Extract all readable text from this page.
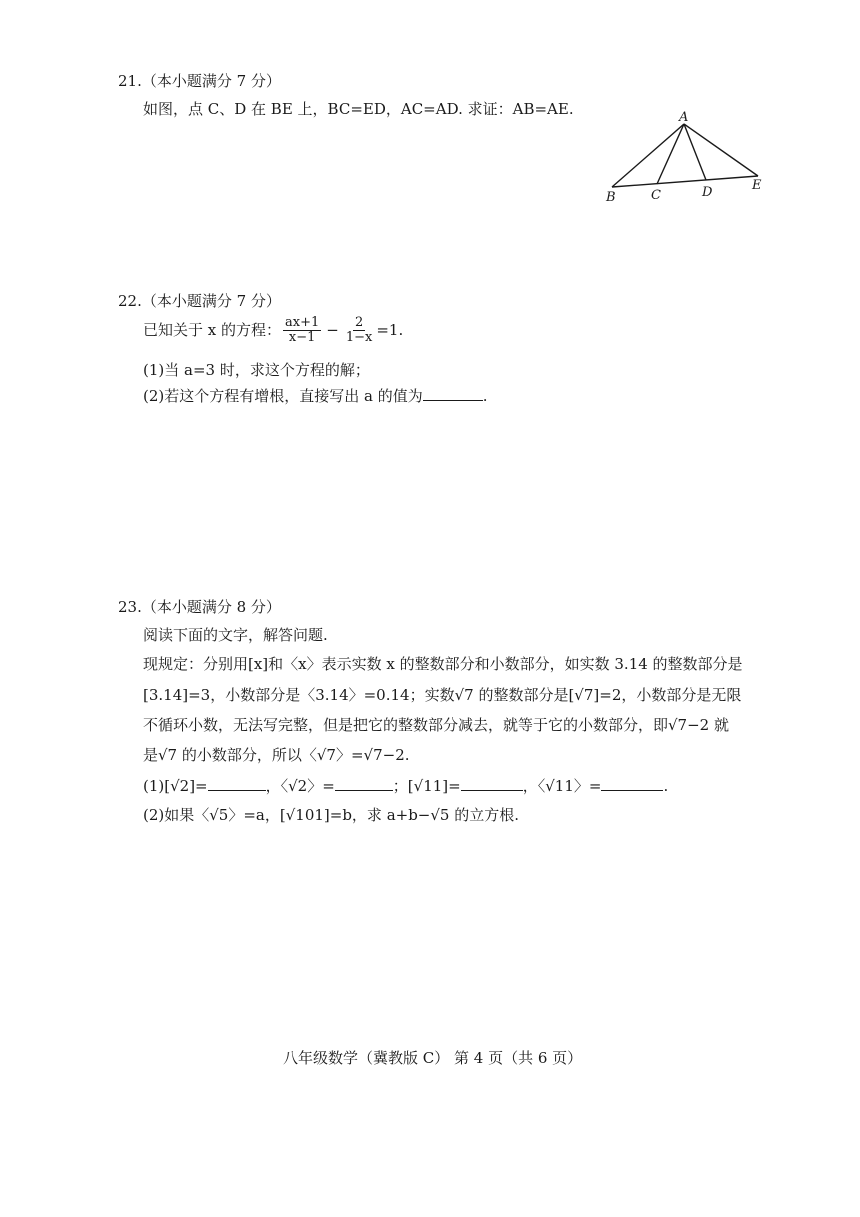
21.（本小题满分 7 分）
如图，点 C、D 在 BE 上，BC=ED，AC=AD. 求证：AB=AE.	A
B	C	D	E
22.（本小题满分 7 分）
已知关于 x 的方程： $\frac{ax+1}{x-1} - \frac{2}{1-x} =1$.
(1)当 a=3 时，求这个方程的解；
(2)若这个方程有增根，直接写出 a 的值为	.
23.（本小题满分 8 分）
阅读下面的文字，解答问题.
现规定：分别用[x]和〈x〉表示实数 x 的整数部分和小数部分，如实数 3.14 的整数部分是
[3.14]=3，小数部分是〈3.14〉=0.14；实数√7 的整数部分是[√7]=2，小数部分是无限
不循环小数，无法写完整，但是把它的整数部分减去，就等于它的小数部分，即√7−2 就
是√7 的小数部分，所以〈√7〉=√7−2.
(1)[√2]=	，〈√2〉=	；[√11]=	，〈√11〉=	.
(2)如果〈√5〉=a，[√101]=b，求 a+b−√5 的立方根.
八年级数学（冀教版 C） 第 4 页（共 6 页）
